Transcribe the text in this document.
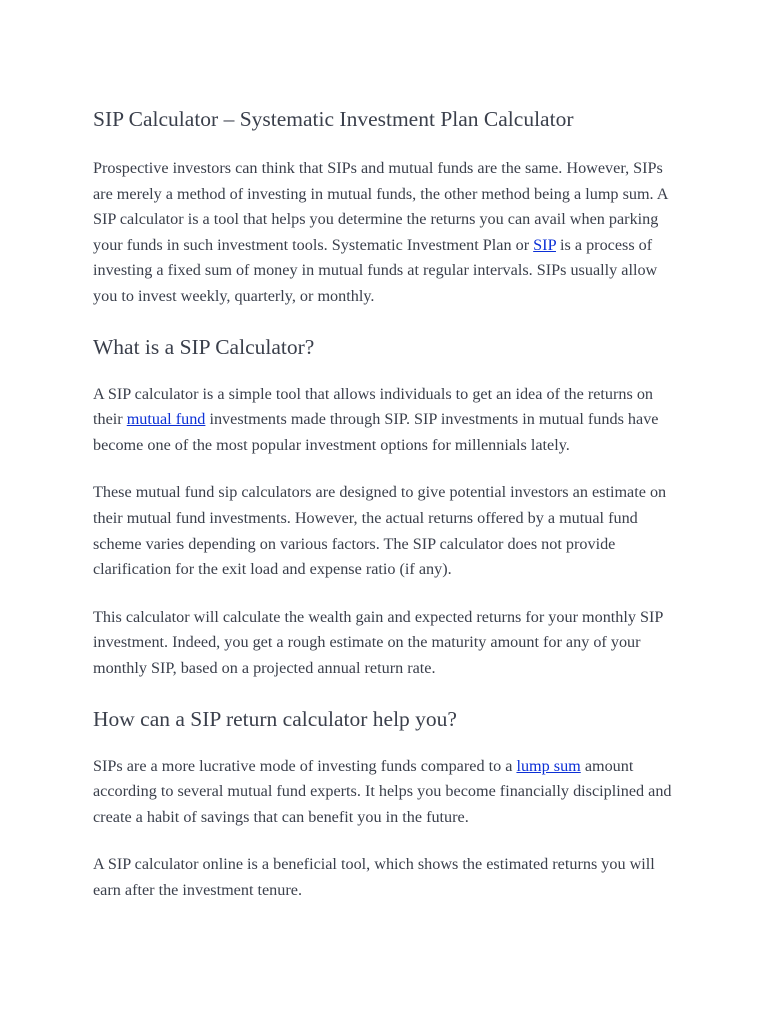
SIP Calculator – Systematic Investment Plan Calculator

Prospective investors can think that SIPs and mutual funds are the same. However, SIPs are merely a method of investing in mutual funds, the other method being a lump sum. A SIP calculator is a tool that helps you determine the returns you can avail when parking your funds in such investment tools. Systematic Investment Plan or SIP is a process of investing a fixed sum of money in mutual funds at regular intervals. SIPs usually allow you to invest weekly, quarterly, or monthly.

What is a SIP Calculator?

A SIP calculator is a simple tool that allows individuals to get an idea of the returns on their mutual fund investments made through SIP. SIP investments in mutual funds have become one of the most popular investment options for millennials lately.

These mutual fund sip calculators are designed to give potential investors an estimate on their mutual fund investments. However, the actual returns offered by a mutual fund scheme varies depending on various factors. The SIP calculator does not provide clarification for the exit load and expense ratio (if any).

This calculator will calculate the wealth gain and expected returns for your monthly SIP investment. Indeed, you get a rough estimate on the maturity amount for any of your monthly SIP, based on a projected annual return rate.

How can a SIP return calculator help you?

SIPs are a more lucrative mode of investing funds compared to a lump sum amount according to several mutual fund experts. It helps you become financially disciplined and create a habit of savings that can benefit you in the future.

A SIP calculator online is a beneficial tool, which shows the estimated returns you will earn after the investment tenure.
